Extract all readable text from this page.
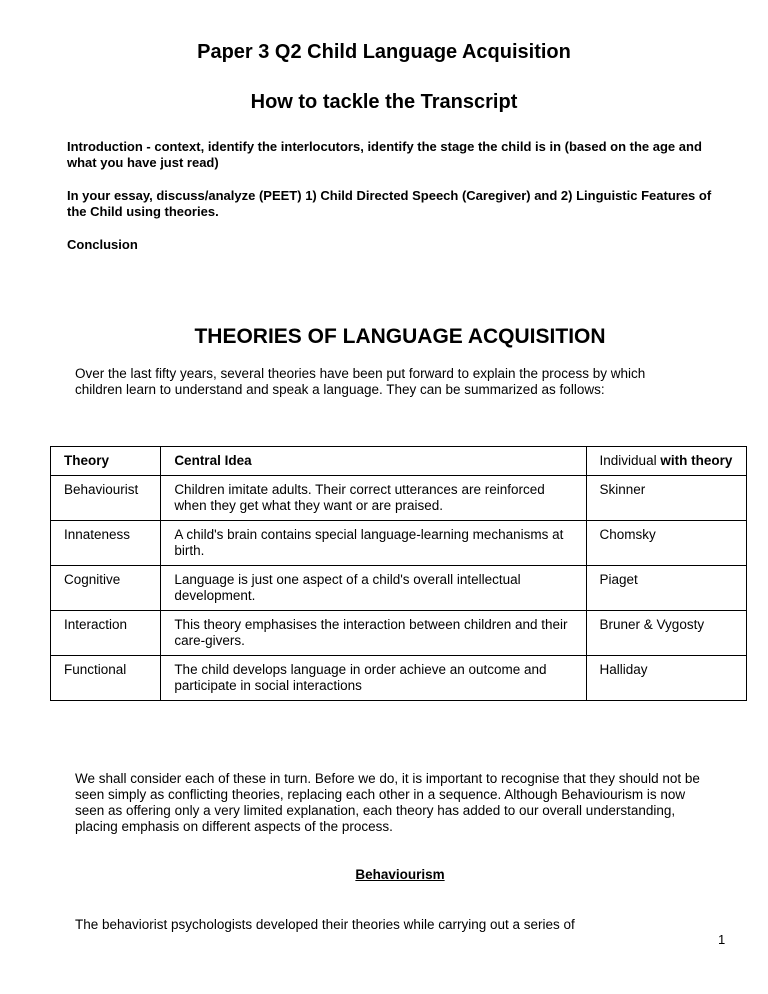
Paper 3 Q2 Child Language Acquisition
How to tackle the Transcript
Introduction - context, identify the interlocutors, identify the stage the child is in (based on the age and what you have just read)
In your essay, discuss/analyze (PEET) 1) Child Directed Speech (Caregiver) and 2) Linguistic Features of the Child using theories.
Conclusion
THEORIES OF LANGUAGE ACQUISITION
Over the last fifty years, several theories have been put forward to explain the process by which children learn to understand and speak a language. They can be summarized as follows:
Theory	Central Idea	Individual with theory
Behaviourist	Children imitate adults. Their correct utterances are reinforced when they get what they want or are praised.	Skinner
Innateness	A child's brain contains special language-learning mechanisms at birth.	Chomsky
Cognitive	Language is just one aspect of a child's overall intellectual development.	Piaget
Interaction	This theory emphasises the interaction between children and their care-givers.	Bruner & Vygosty
Functional	The child develops language in order achieve an outcome and participate in social interactions	Halliday
We shall consider each of these in turn. Before we do, it is important to recognise that they should not be seen simply as conflicting theories, replacing each other in a sequence. Although Behaviourism is now seen as offering only a very limited explanation, each theory has added to our overall understanding, placing emphasis on different aspects of the process.
Behaviourism
The behaviorist psychologists developed their theories while carrying out a series of
1
